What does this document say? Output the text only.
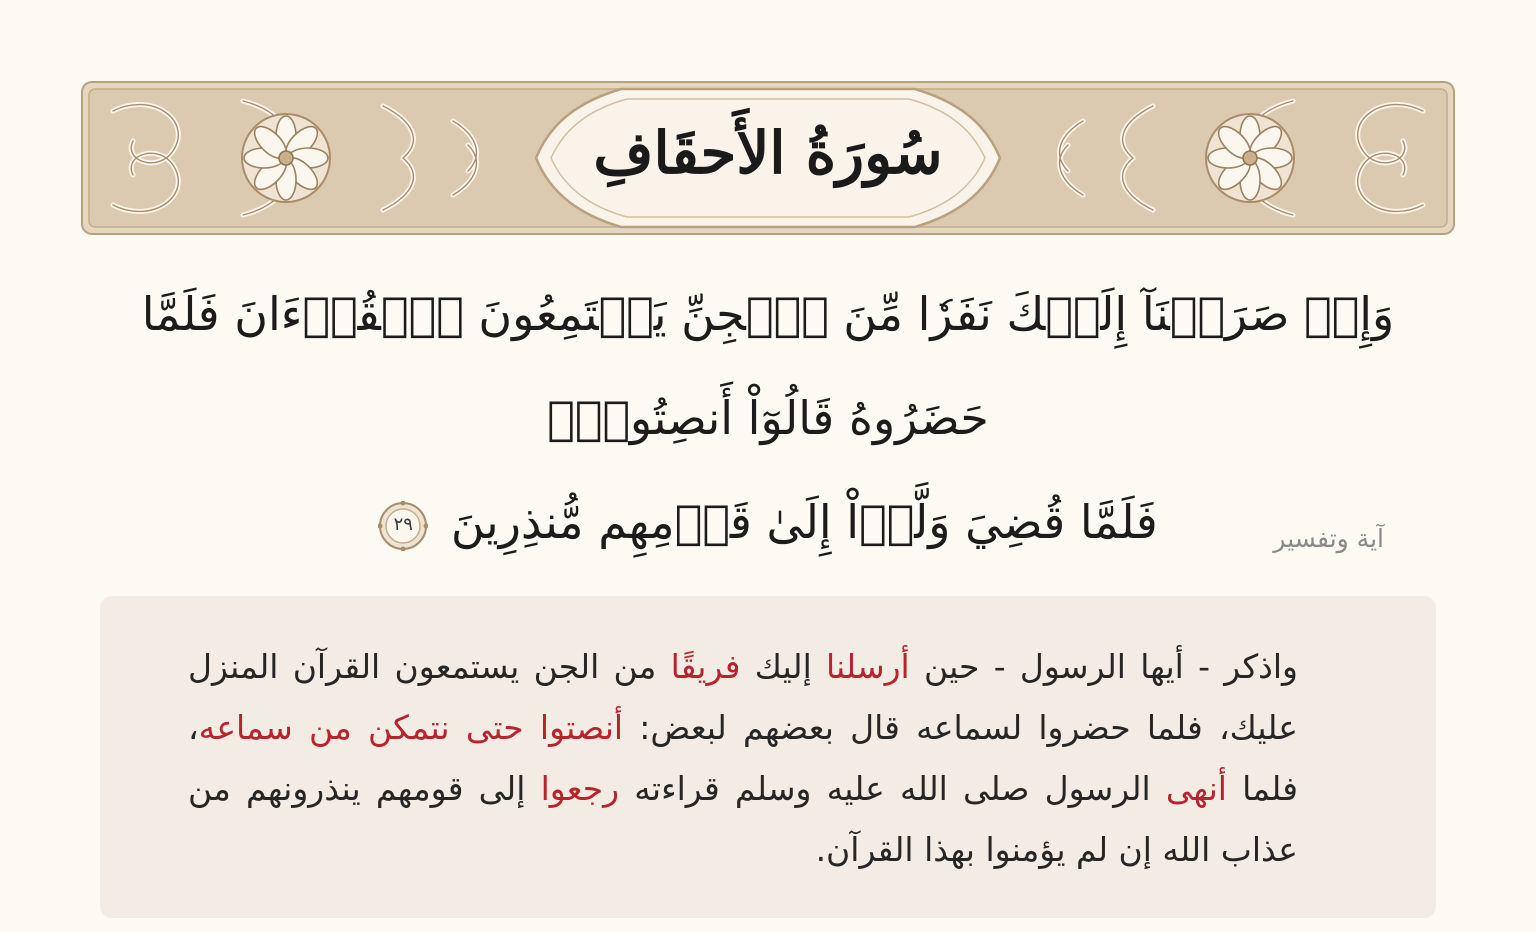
سُورَةُ الأَحقَافِ
وَإِذۡ صَرَفۡنَآ إِلَيۡكَ نَفَرٗا مِّنَ ٱلۡجِنِّ يَسۡتَمِعُونَ ٱلۡقُرۡءَانَ فَلَمَّا حَضَرُوهُ قَالُوٓاْ أَنصِتُواْۖ
فَلَمَّا قُضِيَ وَلَّوۡاْ إِلَىٰ قَوۡمِهِم مُّنذِرِينَ
٢٩	آية وتفسير
واذكر - أيها الرسول - حين أرسلنا إليك فريقًا من الجن يستمعون القرآن المنزل عليك، فلما حضروا لسماعه قال بعضهم لبعض: أنصتوا حتى نتمكن من سماعه، فلما أنهى الرسول صلى الله عليه وسلم قراءته رجعوا إلى قومهم ينذرونهم من عذاب الله إن لم يؤمنوا بهذا القرآن.
